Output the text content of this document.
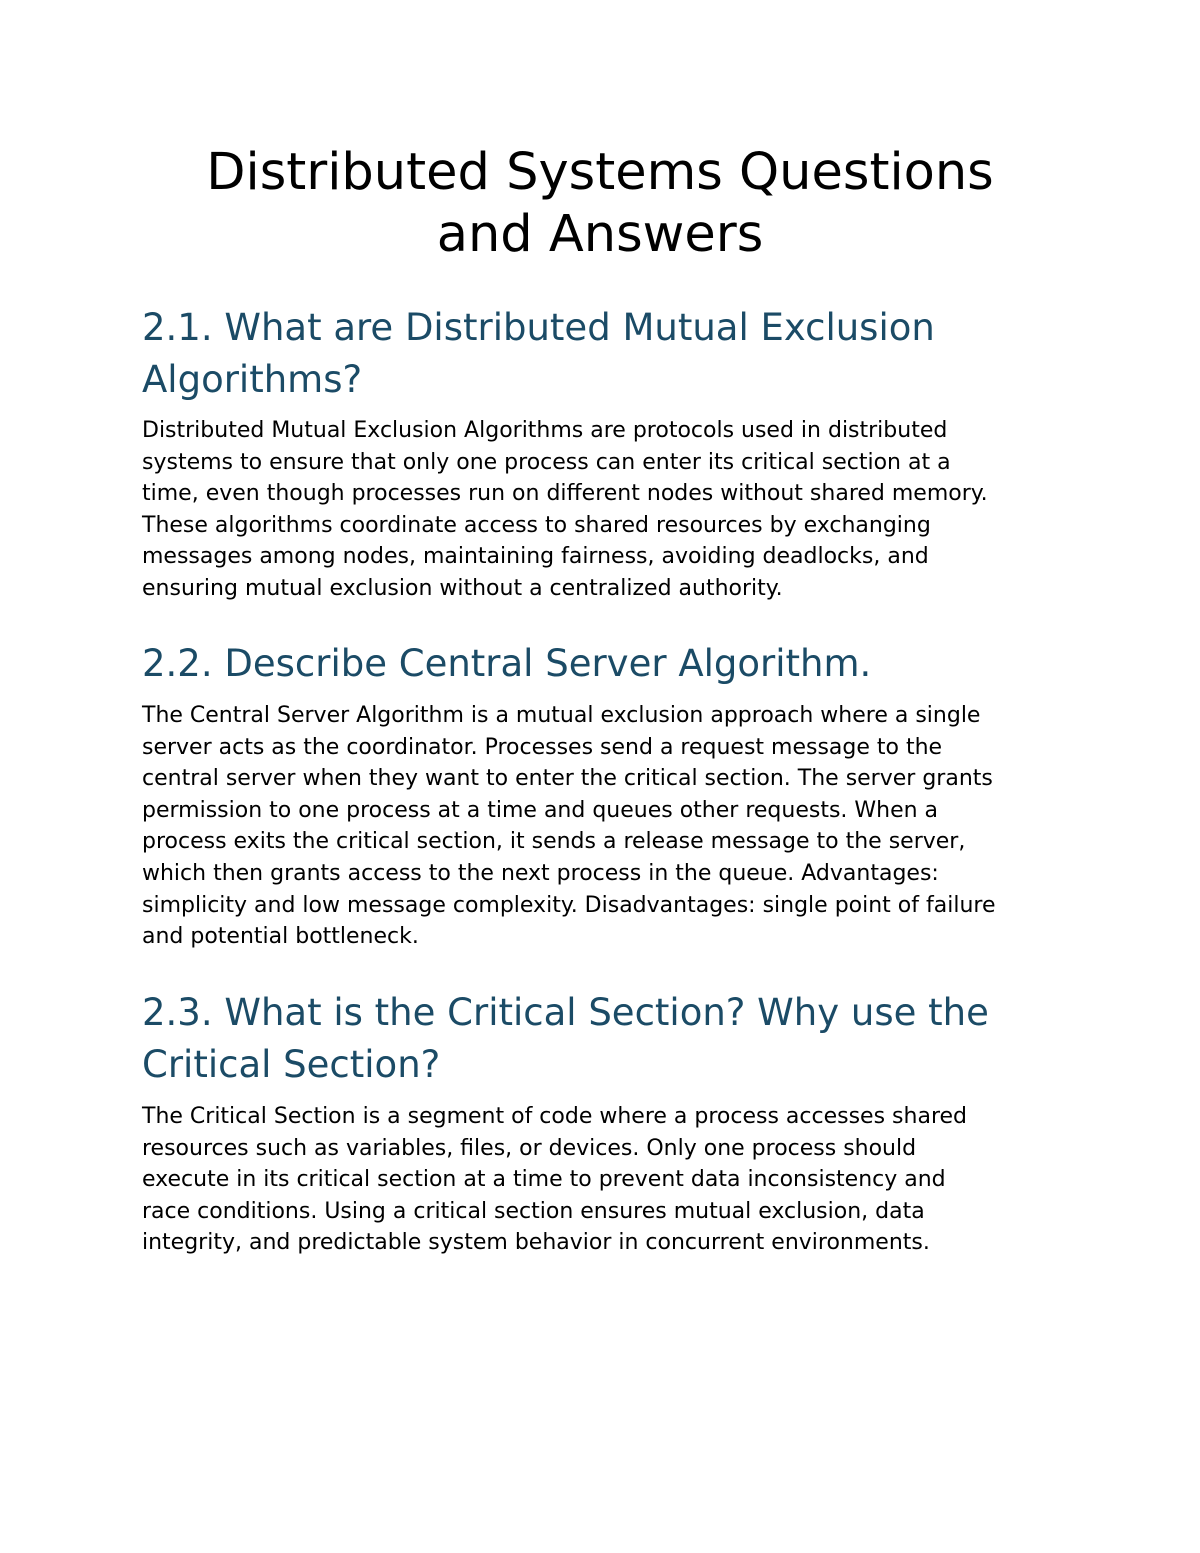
Distributed Systems Questions
and Answers
2.1. What are Distributed Mutual Exclusion
Algorithms?
Distributed Mutual Exclusion Algorithms are protocols used in distributed
systems to ensure that only one process can enter its critical section at a
time, even though processes run on different nodes without shared memory.
These algorithms coordinate access to shared resources by exchanging
messages among nodes, maintaining fairness, avoiding deadlocks, and
ensuring mutual exclusion without a centralized authority.
2.2. Describe Central Server Algorithm.
The Central Server Algorithm is a mutual exclusion approach where a single
server acts as the coordinator. Processes send a request message to the
central server when they want to enter the critical section. The server grants
permission to one process at a time and queues other requests. When a
process exits the critical section, it sends a release message to the server,
which then grants access to the next process in the queue. Advantages:
simplicity and low message complexity. Disadvantages: single point of failure
and potential bottleneck.
2.3. What is the Critical Section? Why use the
Critical Section?
The Critical Section is a segment of code where a process accesses shared
resources such as variables, files, or devices. Only one process should
execute in its critical section at a time to prevent data inconsistency and
race conditions. Using a critical section ensures mutual exclusion, data
integrity, and predictable system behavior in concurrent environments.
